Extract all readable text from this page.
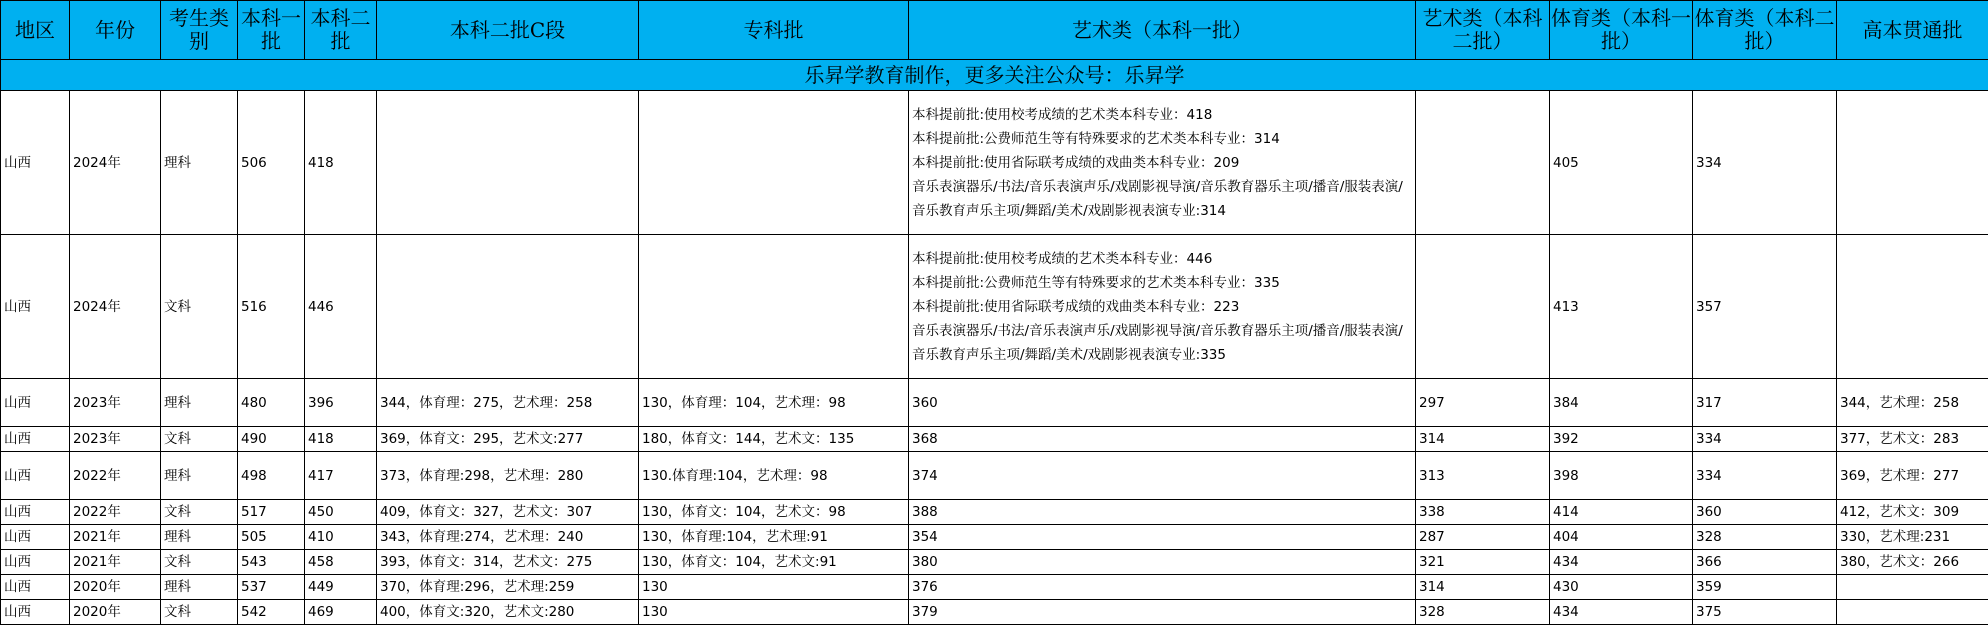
地区	年份	考生类别	本科一批	本科二批	本科二批C段	专科批	艺术类（本科一批）	艺术类（本科二批）	体育类（本科一批）	体育类（本科二批）	高本贯通批
乐昇学教育制作，更多关注公众号：乐昇学											
山西	2024年	理科	506	418			本科提前批:使用校考成绩的艺术类本科专业：418
本科提前批:公费师范生等有特殊要求的艺术类本科专业：314
本科提前批:使用省际联考成绩的戏曲类本科专业：209
音乐表演器乐/书法/音乐表演声乐/戏剧影视导演/音乐教育器乐主项/播音/服装表演/音乐教育声乐主项/舞蹈/美术/戏剧影视表演专业:314		405	334	
山西	2024年	文科	516	446			本科提前批:使用校考成绩的艺术类本科专业：446
本科提前批:公费师范生等有特殊要求的艺术类本科专业：335
本科提前批:使用省际联考成绩的戏曲类本科专业：223
音乐表演器乐/书法/音乐表演声乐/戏剧影视导演/音乐教育器乐主项/播音/服装表演/音乐教育声乐主项/舞蹈/美术/戏剧影视表演专业:335		413	357	
山西	2023年	理科	480	396	344，体育理：275，艺术理：258	130，体育理：104，艺术理：98	360	297	384	317	344，艺术理：258
山西	2023年	文科	490	418	369，体育文：295，艺术文:277	180，体育文：144，艺术文：135	368	314	392	334	377，艺术文：283
山西	2022年	理科	498	417	373，体育理:298，艺术理：280	130.体育理:104，艺术理：98	374	313	398	334	369，艺术理：277
山西	2022年	文科	517	450	409，体育文：327，艺术文：307	130，体育文：104，艺术文：98	388	338	414	360	412，艺术文：309
山西	2021年	理科	505	410	343，体育理:274，艺术理：240	130，体育理:104，艺术理:91	354	287	404	328	330，艺术理:231
山西	2021年	文科	543	458	393，体育文：314，艺术文：275	130，体育文：104，艺术文:91	380	321	434	366	380，艺术文：266
山西	2020年	理科	537	449	370，体育理:296，艺术理:259	130	376	314	430	359	
山西	2020年	文科	542	469	400，体育文:320，艺术文:280	130	379	328	434	375	
